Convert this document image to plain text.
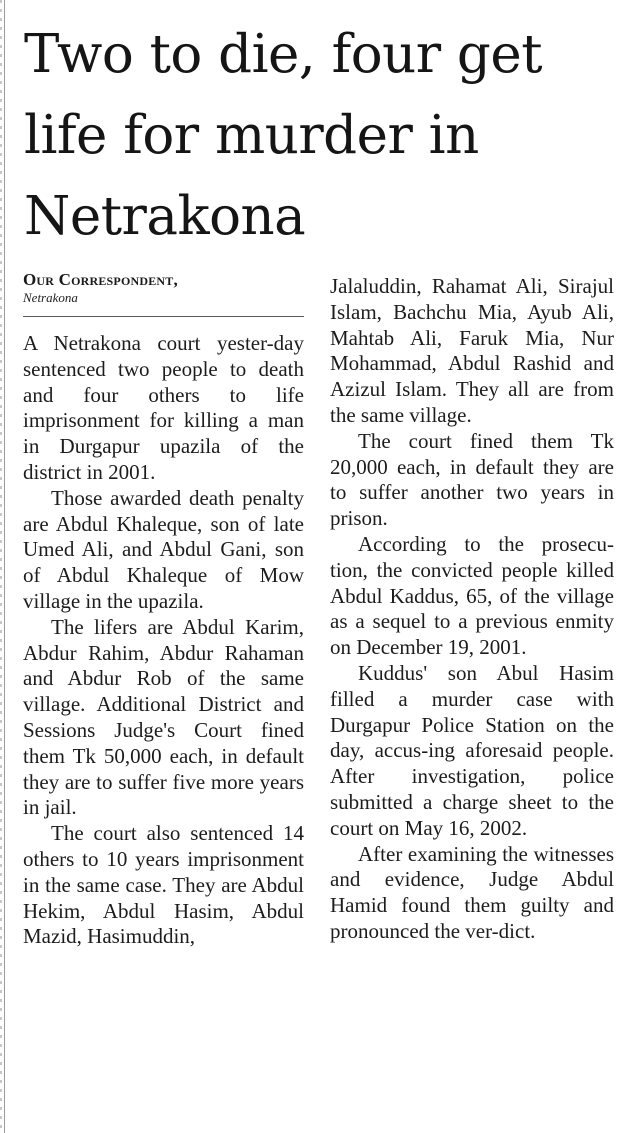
Two to die, four get life for murder in Netrakona
Our Correspondent,
Netrakona

A Netrakona court yester-day sentenced two people to death and four others to life imprisonment for killing a man in Durgapur upazila of the district in 2001.

Those awarded death penalty are Abdul Khaleque, son of late Umed Ali, and Abdul Gani, son of Abdul Khaleque of Mow village in the upazila.

The lifers are Abdul Karim, Abdur Rahim, Abdur Rahaman and Abdur Rob of the same village. Additional District and Sessions Judge's Court fined them Tk 50,000 each, in default they are to suffer five more years in jail.

The court also sentenced 14 others to 10 years imprisonment in the same case. They are Abdul Hekim, Abdul Hasim, Abdul Mazid, Hasimuddin,

Jalaluddin, Rahamat Ali, Sirajul Islam, Bachchu Mia, Ayub Ali, Mahtab Ali, Faruk Mia, Nur Mohammad, Abdul Rashid and Azizul Islam. They all are from the same village.

The court fined them Tk 20,000 each, in default they are to suffer another two years in prison.

According to the prosecu-tion, the convicted people killed Abdul Kaddus, 65, of the village as a sequel to a previous enmity on December 19, 2001.

Kuddus' son Abul Hasim filled a murder case with Durgapur Police Station on the day, accus-ing aforesaid people. After investigation, police submitted a charge sheet to the court on May 16, 2002.

After examining the witnesses and evidence, Judge Abdul Hamid found them guilty and pronounced the ver-dict.
